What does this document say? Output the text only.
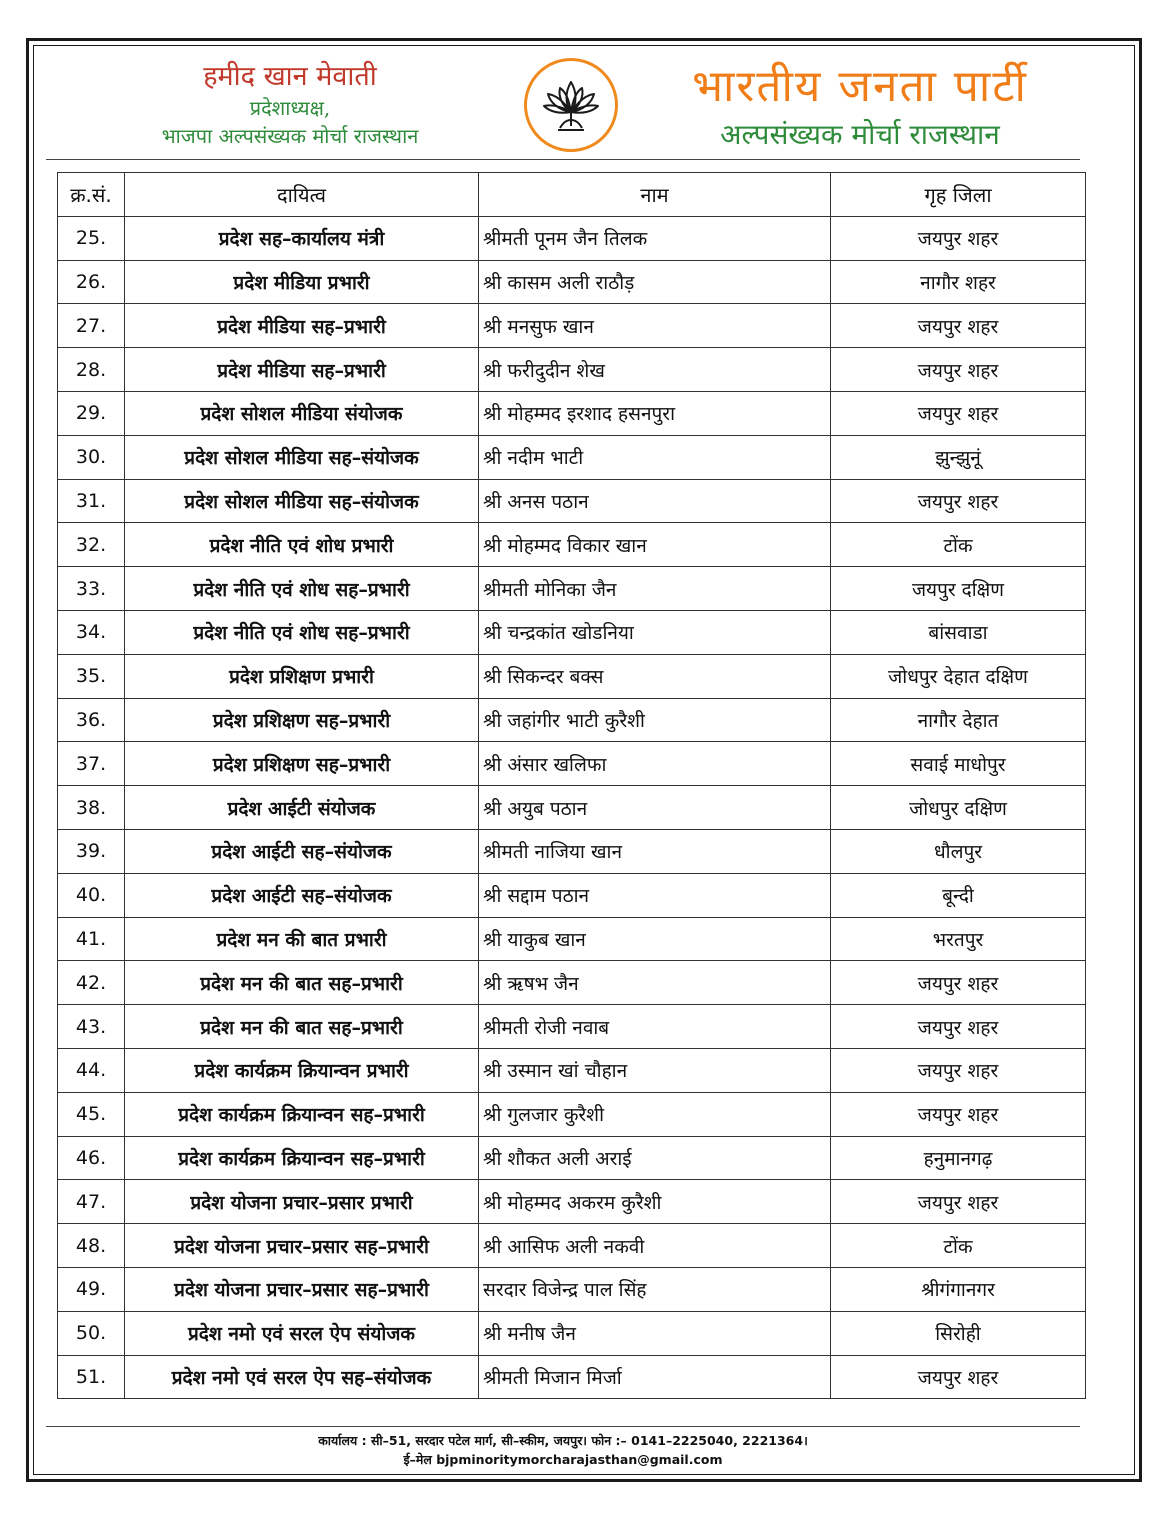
हमीद खान मेवाती
प्रदेशाध्यक्ष,
भाजपा अल्पसंख्यक मोर्चा राजस्थान
भारतीय जनता पार्टी
अल्पसंख्यक मोर्चा राजस्थान
क्र.सं.	दायित्व	नाम	गृह जिला
25.	प्रदेश सह–कार्यालय मंत्री	श्रीमती पूनम जैन तिलक	जयपुर शहर
26.	प्रदेश मीडिया प्रभारी	श्री कासम अली राठौड़	नागौर शहर
27.	प्रदेश मीडिया सह–प्रभारी	श्री मनसुफ खान	जयपुर शहर
28.	प्रदेश मीडिया सह–प्रभारी	श्री फरीदुदीन शेख	जयपुर शहर
29.	प्रदेश सोशल मीडिया संयोजक	श्री मोहम्मद इरशाद हसनपुरा	जयपुर शहर
30.	प्रदेश सोशल मीडिया सह–संयोजक	श्री नदीम भाटी	झुन्झुनूं
31.	प्रदेश सोशल मीडिया सह–संयोजक	श्री अनस पठान	जयपुर शहर
32.	प्रदेश नीति एवं शोध प्रभारी	श्री मोहम्मद विकार खान	टोंक
33.	प्रदेश नीति एवं शोध सह–प्रभारी	श्रीमती मोनिका जैन	जयपुर दक्षिण
34.	प्रदेश नीति एवं शोध सह–प्रभारी	श्री चन्द्रकांत खोडनिया	बांसवाडा
35.	प्रदेश प्रशिक्षण प्रभारी	श्री सिकन्दर बक्स	जोधपुर देहात दक्षिण
36.	प्रदेश प्रशिक्षण सह–प्रभारी	श्री जहांगीर भाटी कुरैशी	नागौर देहात
37.	प्रदेश प्रशिक्षण सह–प्रभारी	श्री अंसार खलिफा	सवाई माधोपुर
38.	प्रदेश आईटी संयोजक	श्री अयुब पठान	जोधपुर दक्षिण
39.	प्रदेश आईटी सह–संयोजक	श्रीमती नाजिया खान	धौलपुर
40.	प्रदेश आईटी सह–संयोजक	श्री सद्दाम पठान	बून्दी
41.	प्रदेश मन की बात प्रभारी	श्री याकुब खान	भरतपुर
42.	प्रदेश मन की बात सह–प्रभारी	श्री ऋषभ जैन	जयपुर शहर
43.	प्रदेश मन की बात सह–प्रभारी	श्रीमती रोजी नवाब	जयपुर शहर
44.	प्रदेश कार्यक्रम क्रियान्वन प्रभारी	श्री उस्मान खां चौहान	जयपुर शहर
45.	प्रदेश कार्यक्रम क्रियान्वन सह–प्रभारी	श्री गुलजार कुरैशी	जयपुर शहर
46.	प्रदेश कार्यक्रम क्रियान्वन सह–प्रभारी	श्री शौकत अली अराई	हनुमानगढ़
47.	प्रदेश योजना प्रचार–प्रसार प्रभारी	श्री मोहम्मद अकरम कुरैशी	जयपुर शहर
48.	प्रदेश योजना प्रचार–प्रसार सह–प्रभारी	श्री आसिफ अली नकवी	टोंक
49.	प्रदेश योजना प्रचार–प्रसार सह–प्रभारी	सरदार विजेन्द्र पाल सिंह	श्रीगंगानगर
50.	प्रदेश नमो एवं सरल ऐप संयोजक	श्री मनीष जैन	सिरोही
51.	प्रदेश नमो एवं सरल ऐप सह–संयोजक	श्रीमती मिजान मिर्जा	जयपुर शहर
कार्यालय : सी–51, सरदार पटेल मार्ग, सी–स्कीम, जयपुर। फोन :– 0141–2225040, 2221364।
ई–मेल bjpminoritymorcharajasthan@gmail.com
